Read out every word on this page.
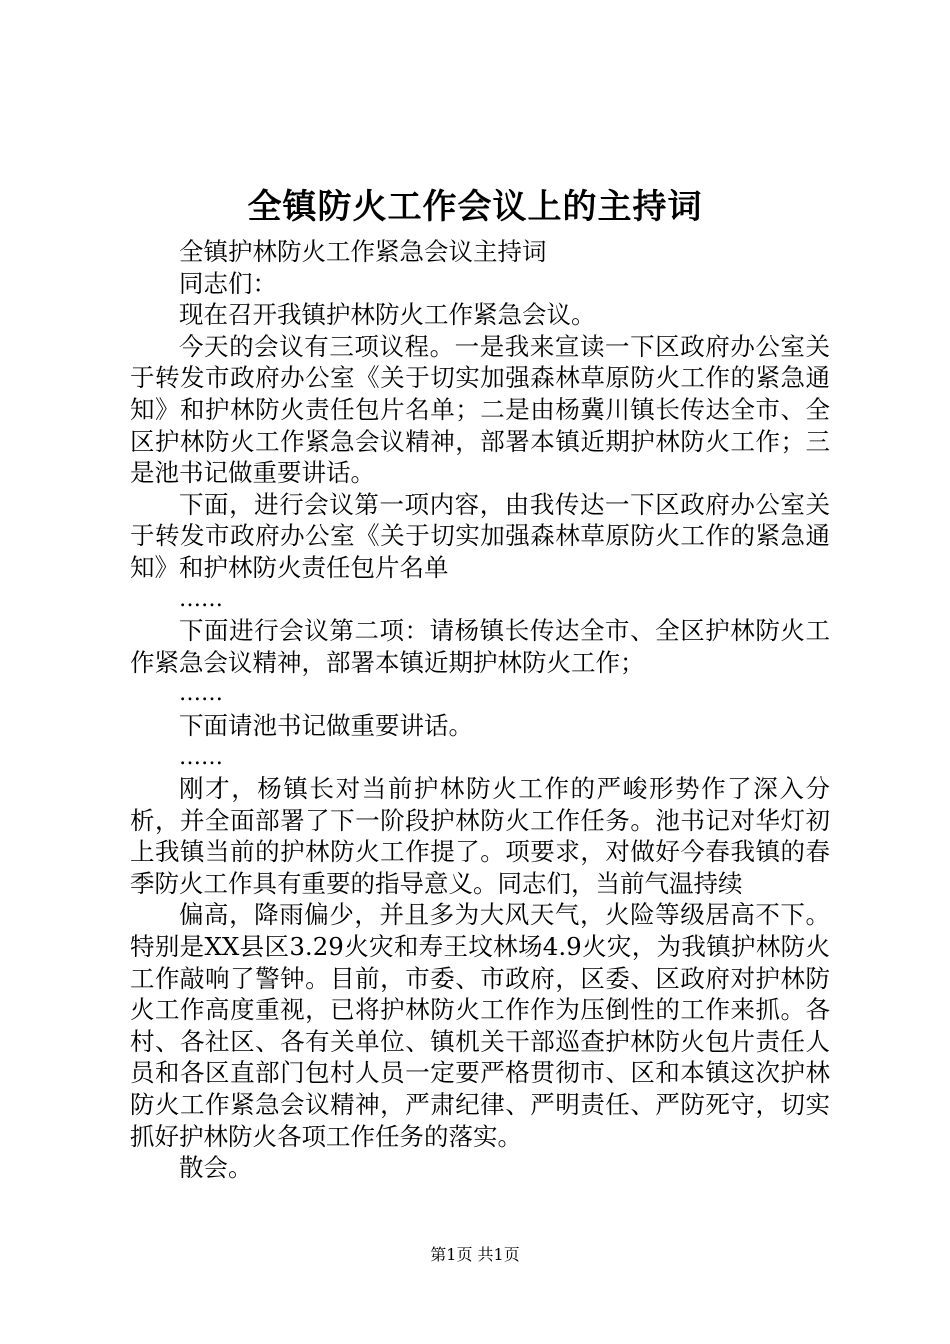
全镇防火工作会议上的主持词

全镇护林防火工作紧急会议主持词

同志们：

现在召开我镇护林防火工作紧急会议。

今天的会议有三项议程。一是我来宣读一下区政府办公室关于转发市政府办公室《关于切实加强森林草原防火工作的紧急通知》和护林防火责任包片名单；二是由杨冀川镇长传达全市、全区护林防火工作紧急会议精神，部署本镇近期护林防火工作；三是池书记做重要讲话。

下面，进行会议第一项内容，由我传达一下区政府办公室关于转发市政府办公室《关于切实加强森林草原防火工作的紧急通知》和护林防火责任包片名单

……

下面进行会议第二项：请杨镇长传达全市、全区护林防火工作紧急会议精神，部署本镇近期护林防火工作；

……

下面请池书记做重要讲话。

……

刚才，杨镇长对当前护林防火工作的严峻形势作了深入分析，并全面部署了下一阶段护林防火工作任务。池书记对华灯初上我镇当前的护林防火工作提了。项要求，对做好今春我镇的春季防火工作具有重要的指导意义。同志们，当前气温持续

偏高，降雨偏少，并且多为大风天气，火险等级居高不下。特别是XX县区3.29火灾和寿王坟林场4.9火灾，为我镇护林防火工作敲响了警钟。目前，市委、市政府，区委、区政府对护林防火工作高度重视，已将护林防火工作作为压倒性的工作来抓。各村、各社区、各有关单位、镇机关干部巡查护林防火包片责任人员和各区直部门包村人员一定要严格贯彻市、区和本镇这次护林防火工作紧急会议精神，严肃纪律、严明责任、严防死守，切实抓好护林防火各项工作任务的落实。

散会。

第1页 共1页
